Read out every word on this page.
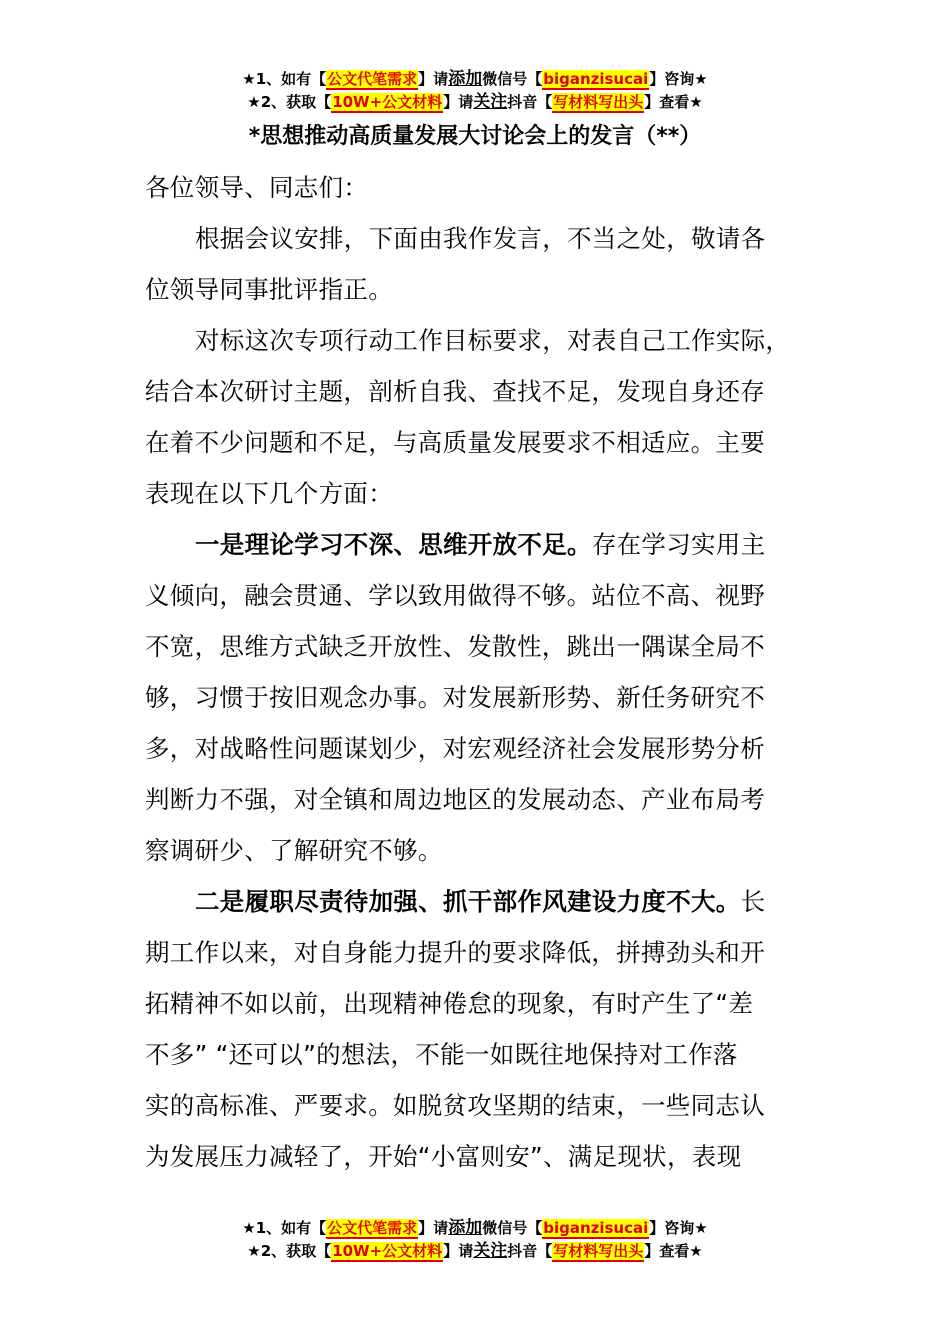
★1、如有【公文代笔需求】请添加微信号【biganzisucai】咨询★
★2、获取【10W+公文材料】请关注抖音【写材料写出头】查看★
*思想推动高质量发展大讨论会上的发言（**）
各位领导、同志们：
根据会议安排，下面由我作发言，不当之处，敬请各
位领导同事批评指正。
对标这次专项行动工作目标要求，对表自己工作实际，
结合本次研讨主题，剖析自我、查找不足，发现自身还存
在着不少问题和不足，与高质量发展要求不相适应。主要
表现在以下几个方面：
一是理论学习不深、思维开放不足。存在学习实用主
义倾向，融会贯通、学以致用做得不够。站位不高、视野
不宽，思维方式缺乏开放性、发散性，跳出一隅谋全局不
够，习惯于按旧观念办事。对发展新形势、新任务研究不
多，对战略性问题谋划少，对宏观经济社会发展形势分析
判断力不强，对全镇和周边地区的发展动态、产业布局考
察调研少、了解研究不够。
二是履职尽责待加强、抓干部作风建设力度不大。长
期工作以来，对自身能力提升的要求降低，拼搏劲头和开
拓精神不如以前，出现精神倦怠的现象，有时产生了“差
不多” “还可以”的想法，不能一如既往地保持对工作落
实的高标准、严要求。如脱贫攻坚期的结束，一些同志认
为发展压力减轻了，开始“小富则安”、满足现状，表现
★1、如有【公文代笔需求】请添加微信号【biganzisucai】咨询★
★2、获取【10W+公文材料】请关注抖音【写材料写出头】查看★
